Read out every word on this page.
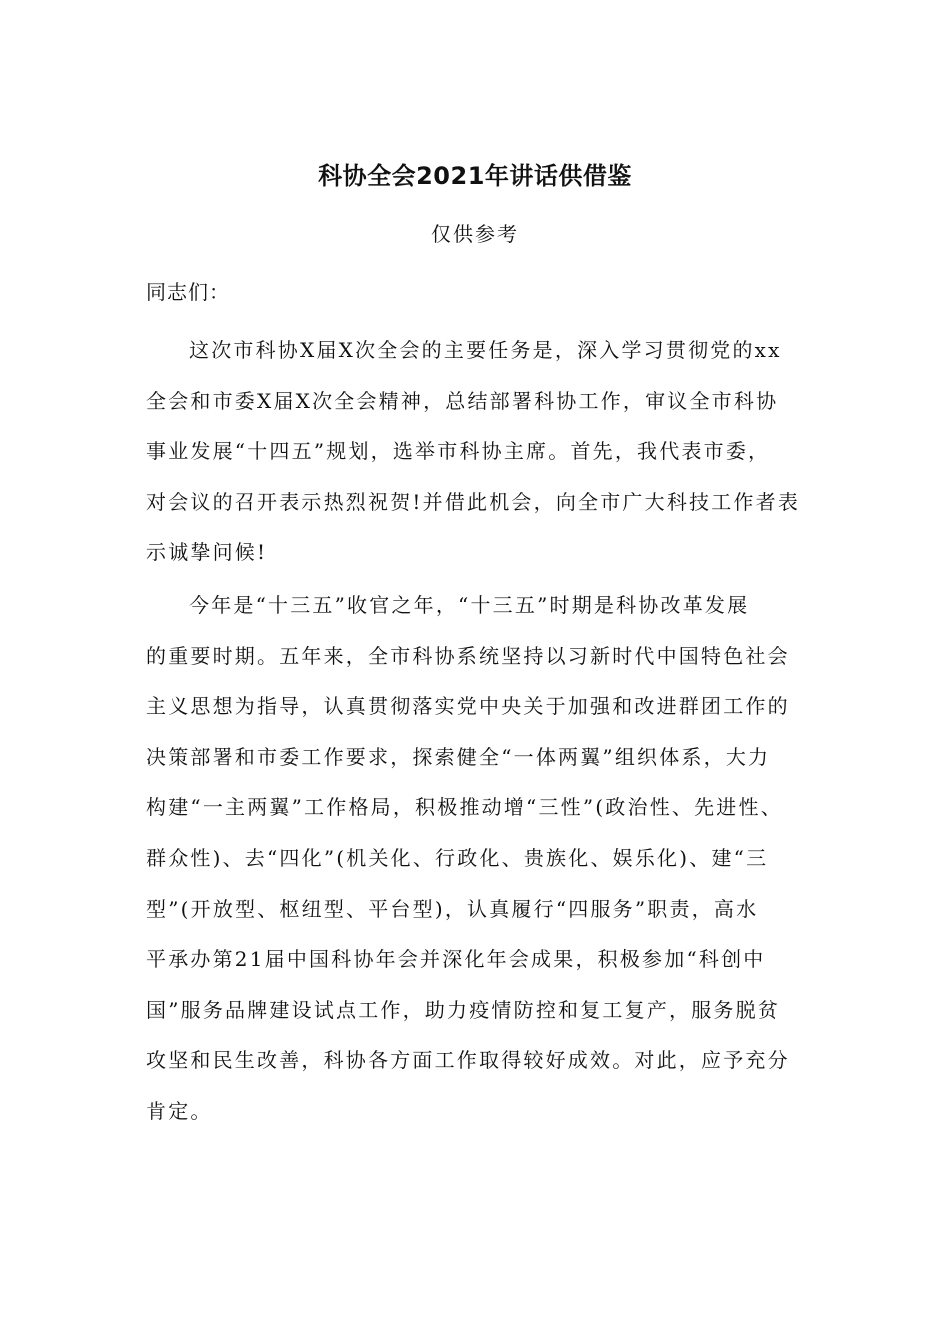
科协全会2021年讲话供借鉴
仅供参考
同志们：
这次市科协X届X次全会的主要任务是，深入学习贯彻党的xx
全会和市委X届X次全会精神，总结部署科协工作，审议全市科协
事业发展“十四五”规划，选举市科协主席。首先，我代表市委，
对会议的召开表示热烈祝贺!并借此机会，向全市广大科技工作者表
示诚挚问候!
今年是“十三五”收官之年，“十三五”时期是科协改革发展
的重要时期。五年来，全市科协系统坚持以习新时代中国特色社会
主义思想为指导，认真贯彻落实党中央关于加强和改进群团工作的
决策部署和市委工作要求，探索健全“一体两翼”组织体系，大力
构建“一主两翼”工作格局，积极推动增“三性”(政治性、先进性、
群众性)、去“四化”(机关化、行政化、贵族化、娱乐化)、建“三
型”(开放型、枢纽型、平台型)，认真履行“四服务”职责，高水
平承办第21届中国科协年会并深化年会成果，积极参加“科创中
国”服务品牌建设试点工作，助力疫情防控和复工复产，服务脱贫
攻坚和民生改善，科协各方面工作取得较好成效。对此，应予充分
肯定。
